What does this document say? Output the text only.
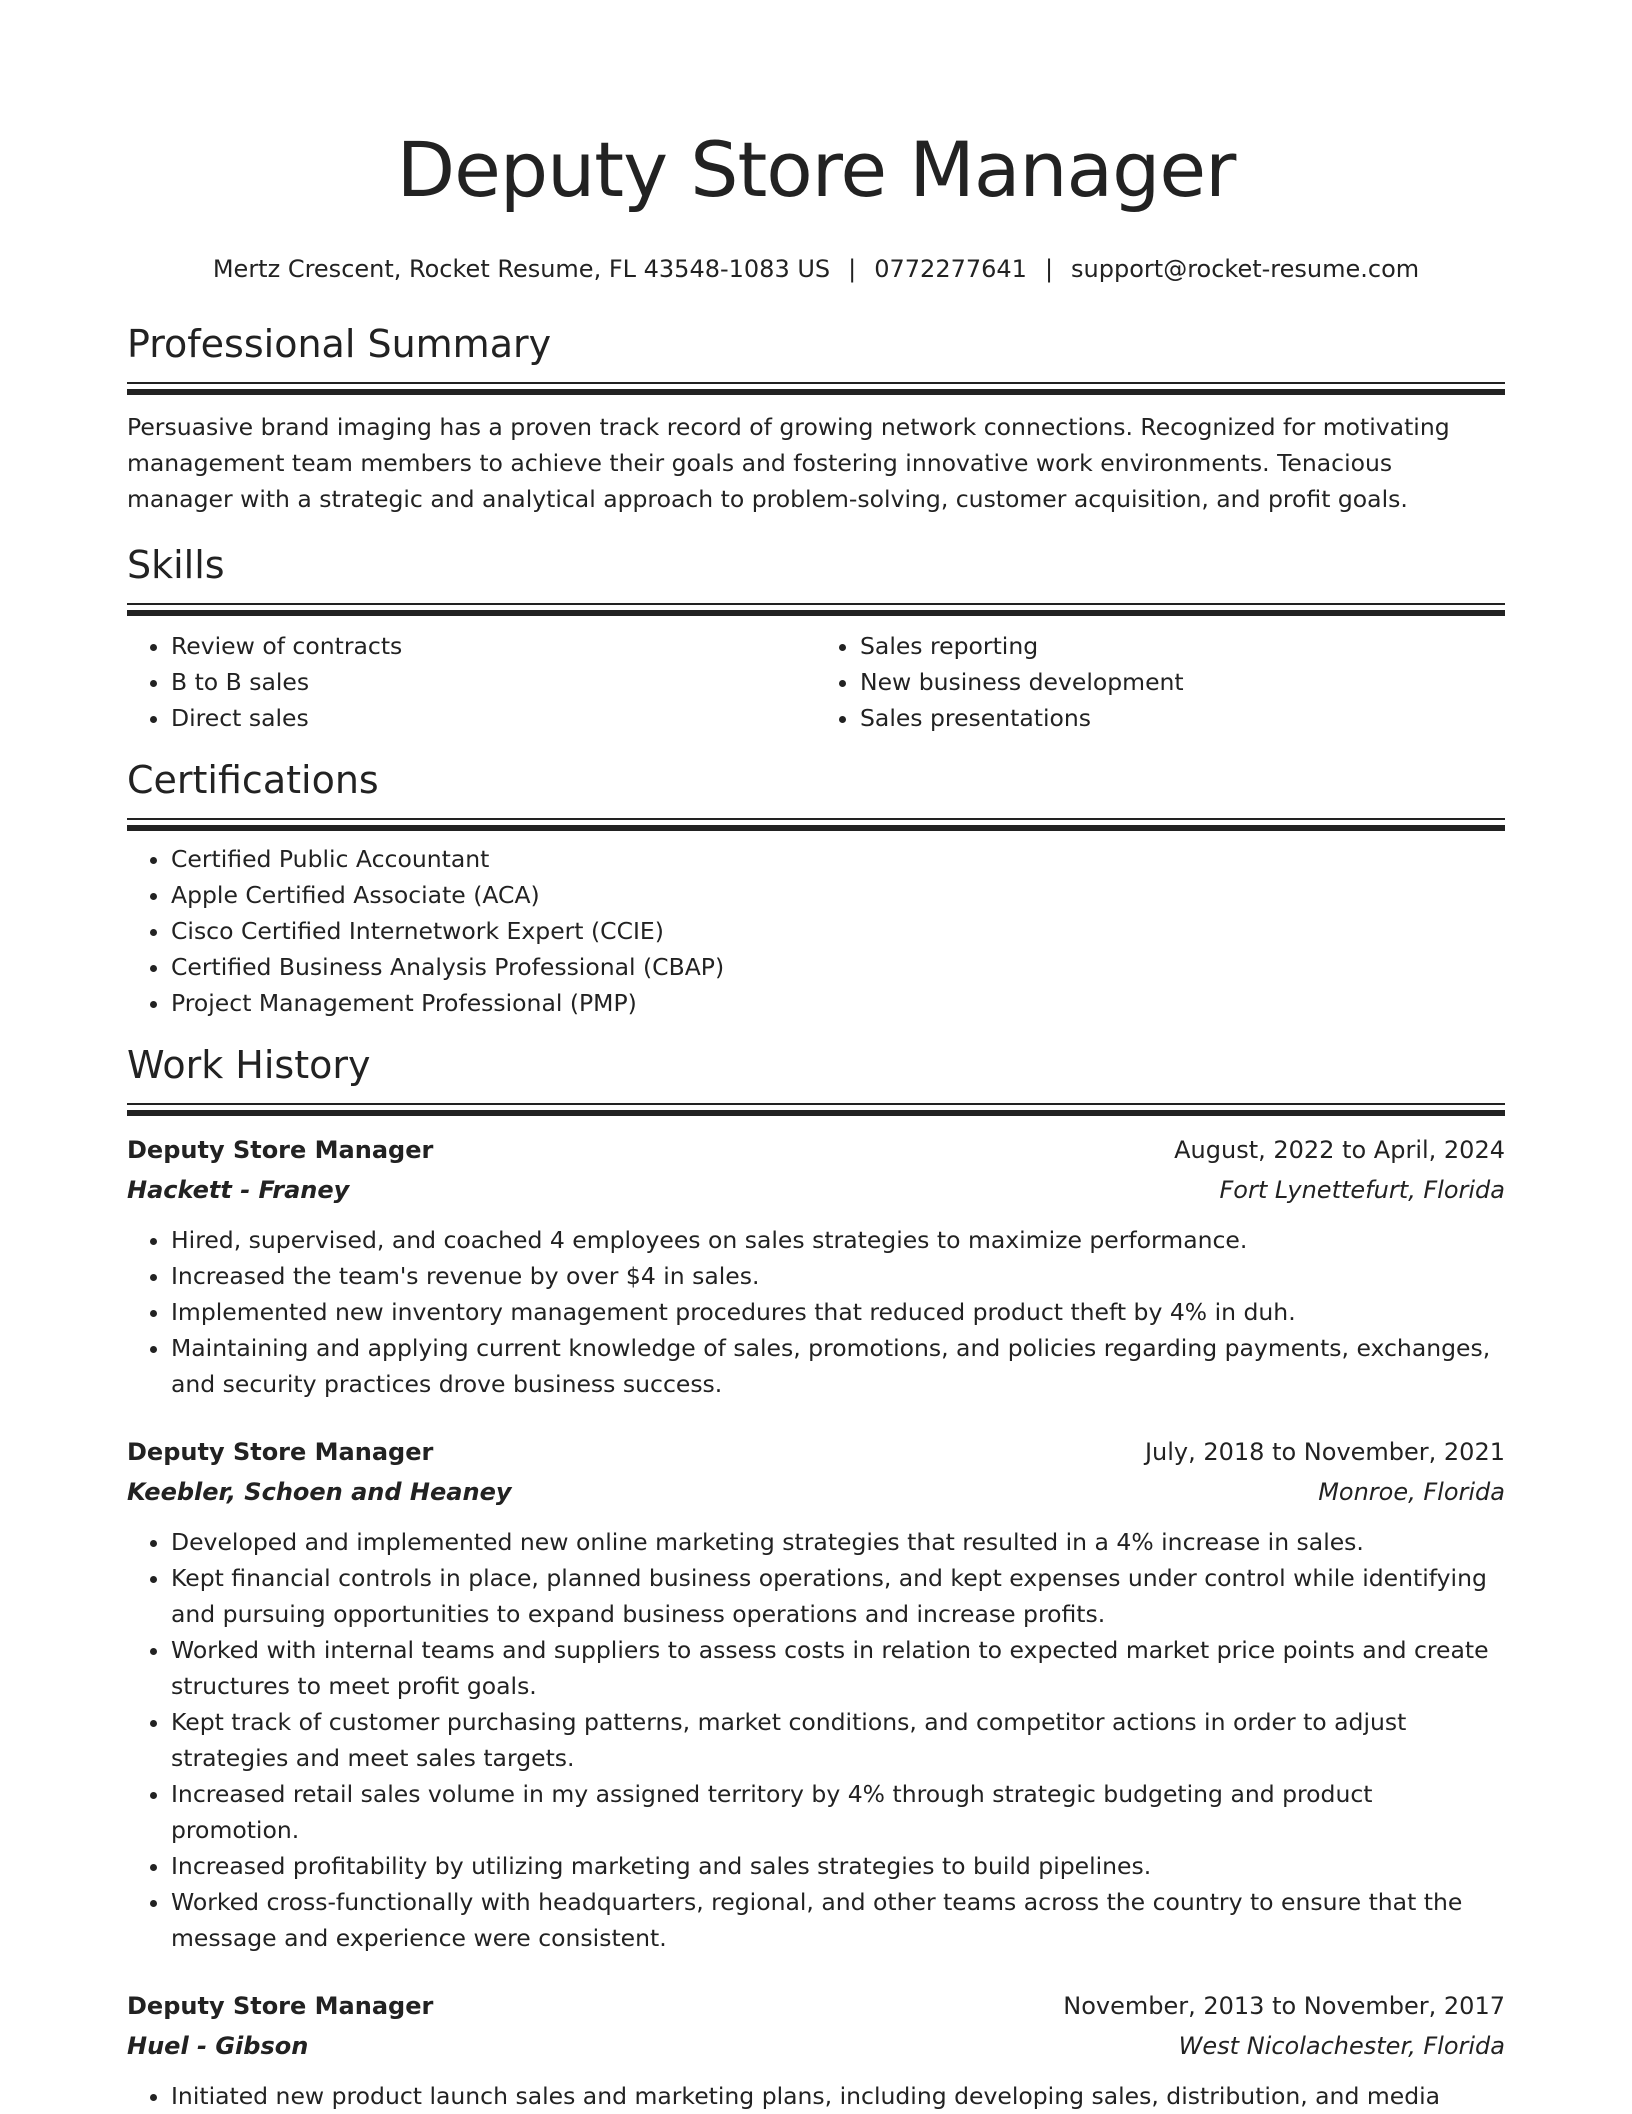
Deputy Store Manager
Mertz Crescent, Rocket Resume, FL 43548-1083 US | 0772277641 | support@rocket-resume.com
Professional Summary

Persuasive brand imaging has a proven track record of growing network connections. Recognized for motivating management team members to achieve their goals and fostering innovative work environments. Tenacious manager with a strategic and analytical approach to problem-solving, customer acquisition, and profit goals.

Skills
• Review of contracts
• B to B sales
• Direct sales
• Sales reporting
• New business development
• Sales presentations
Certifications
• Certified Public Accountant
• Apple Certified Associate (ACA)
• Cisco Certified Internetwork Expert (CCIE)
• Certified Business Analysis Professional (CBAP)
• Project Management Professional (PMP)
Work History
Deputy Store Manager	August, 2022 to April, 2024
Hackett - Franey	Fort Lynettefurt, Florida
• Hired, supervised, and coached 4 employees on sales strategies to maximize performance.
• Increased the team's revenue by over $4 in sales.
• Implemented new inventory management procedures that reduced product theft by 4% in duh.
• Maintaining and applying current knowledge of sales, promotions, and policies regarding payments, exchanges, and security practices drove business success.
Deputy Store Manager	July, 2018 to November, 2021
Keebler, Schoen and Heaney	Monroe, Florida
• Developed and implemented new online marketing strategies that resulted in a 4% increase in sales.
• Kept financial controls in place, planned business operations, and kept expenses under control while identifying and pursuing opportunities to expand business operations and increase profits.
• Worked with internal teams and suppliers to assess costs in relation to expected market price points and create structures to meet profit goals.
• Kept track of customer purchasing patterns, market conditions, and competitor actions in order to adjust strategies and meet sales targets.
• Increased retail sales volume in my assigned territory by 4% through strategic budgeting and product promotion.
• Increased profitability by utilizing marketing and sales strategies to build pipelines.
• Worked cross-functionally with headquarters, regional, and other teams across the country to ensure that the message and experience were consistent.
Deputy Store Manager	November, 2013 to November, 2017
Huel - Gibson	West Nicolachester, Florida
• Initiated new product launch sales and marketing plans, including developing sales, distribution, and media
